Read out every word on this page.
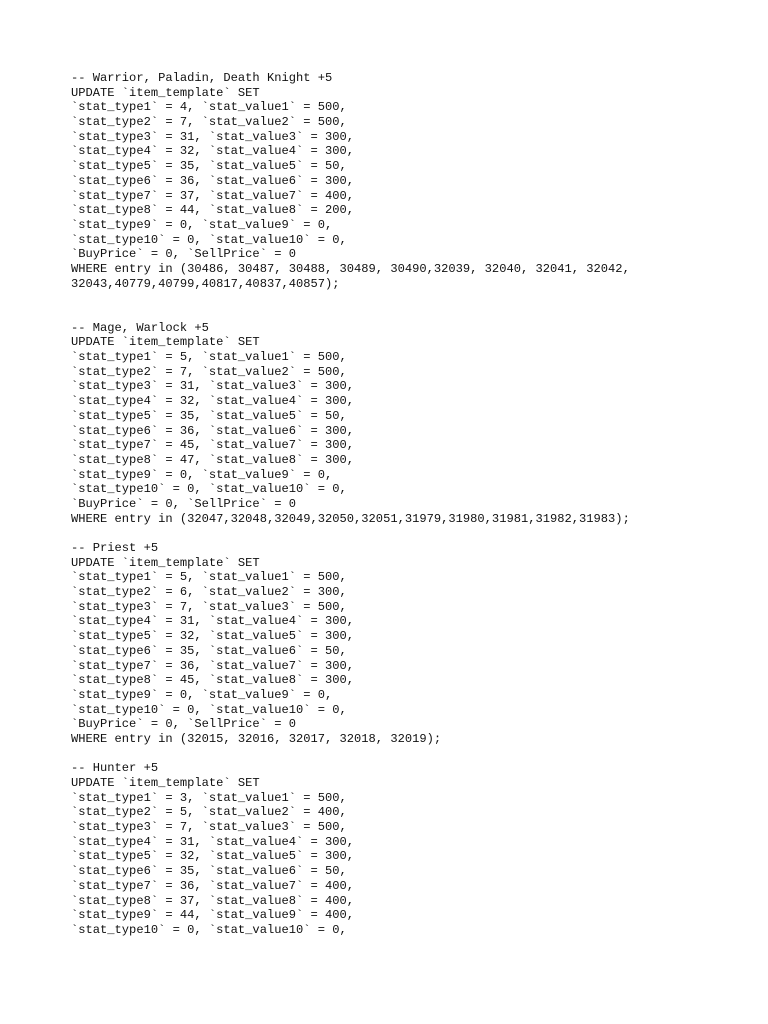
-- Warrior, Paladin, Death Knight +5
UPDATE `item_template` SET
`stat_type1` = 4, `stat_value1` = 500,
`stat_type2` = 7, `stat_value2` = 500,
`stat_type3` = 31, `stat_value3` = 300,
`stat_type4` = 32, `stat_value4` = 300,
`stat_type5` = 35, `stat_value5` = 50,
`stat_type6` = 36, `stat_value6` = 300,
`stat_type7` = 37, `stat_value7` = 400,
`stat_type8` = 44, `stat_value8` = 200,
`stat_type9` = 0, `stat_value9` = 0,
`stat_type10` = 0, `stat_value10` = 0,
`BuyPrice` = 0, `SellPrice` = 0
WHERE entry in (30486, 30487, 30488, 30489, 30490,32039, 32040, 32041, 32042,
32043,40779,40799,40817,40837,40857);
-- Mage, Warlock +5
UPDATE `item_template` SET
`stat_type1` = 5, `stat_value1` = 500,
`stat_type2` = 7, `stat_value2` = 500,
`stat_type3` = 31, `stat_value3` = 300,
`stat_type4` = 32, `stat_value4` = 300,
`stat_type5` = 35, `stat_value5` = 50,
`stat_type6` = 36, `stat_value6` = 300,
`stat_type7` = 45, `stat_value7` = 300,
`stat_type8` = 47, `stat_value8` = 300,
`stat_type9` = 0, `stat_value9` = 0,
`stat_type10` = 0, `stat_value10` = 0,
`BuyPrice` = 0, `SellPrice` = 0
WHERE entry in (32047,32048,32049,32050,32051,31979,31980,31981,31982,31983);
-- Priest +5
UPDATE `item_template` SET
`stat_type1` = 5, `stat_value1` = 500,
`stat_type2` = 6, `stat_value2` = 300,
`stat_type3` = 7, `stat_value3` = 500,
`stat_type4` = 31, `stat_value4` = 300,
`stat_type5` = 32, `stat_value5` = 300,
`stat_type6` = 35, `stat_value6` = 50,
`stat_type7` = 36, `stat_value7` = 300,
`stat_type8` = 45, `stat_value8` = 300,
`stat_type9` = 0, `stat_value9` = 0,
`stat_type10` = 0, `stat_value10` = 0,
`BuyPrice` = 0, `SellPrice` = 0
WHERE entry in (32015, 32016, 32017, 32018, 32019);
-- Hunter +5
UPDATE `item_template` SET
`stat_type1` = 3, `stat_value1` = 500,
`stat_type2` = 5, `stat_value2` = 400,
`stat_type3` = 7, `stat_value3` = 500,
`stat_type4` = 31, `stat_value4` = 300,
`stat_type5` = 32, `stat_value5` = 300,
`stat_type6` = 35, `stat_value6` = 50,
`stat_type7` = 36, `stat_value7` = 400,
`stat_type8` = 37, `stat_value8` = 400,
`stat_type9` = 44, `stat_value9` = 400,
`stat_type10` = 0, `stat_value10` = 0,
